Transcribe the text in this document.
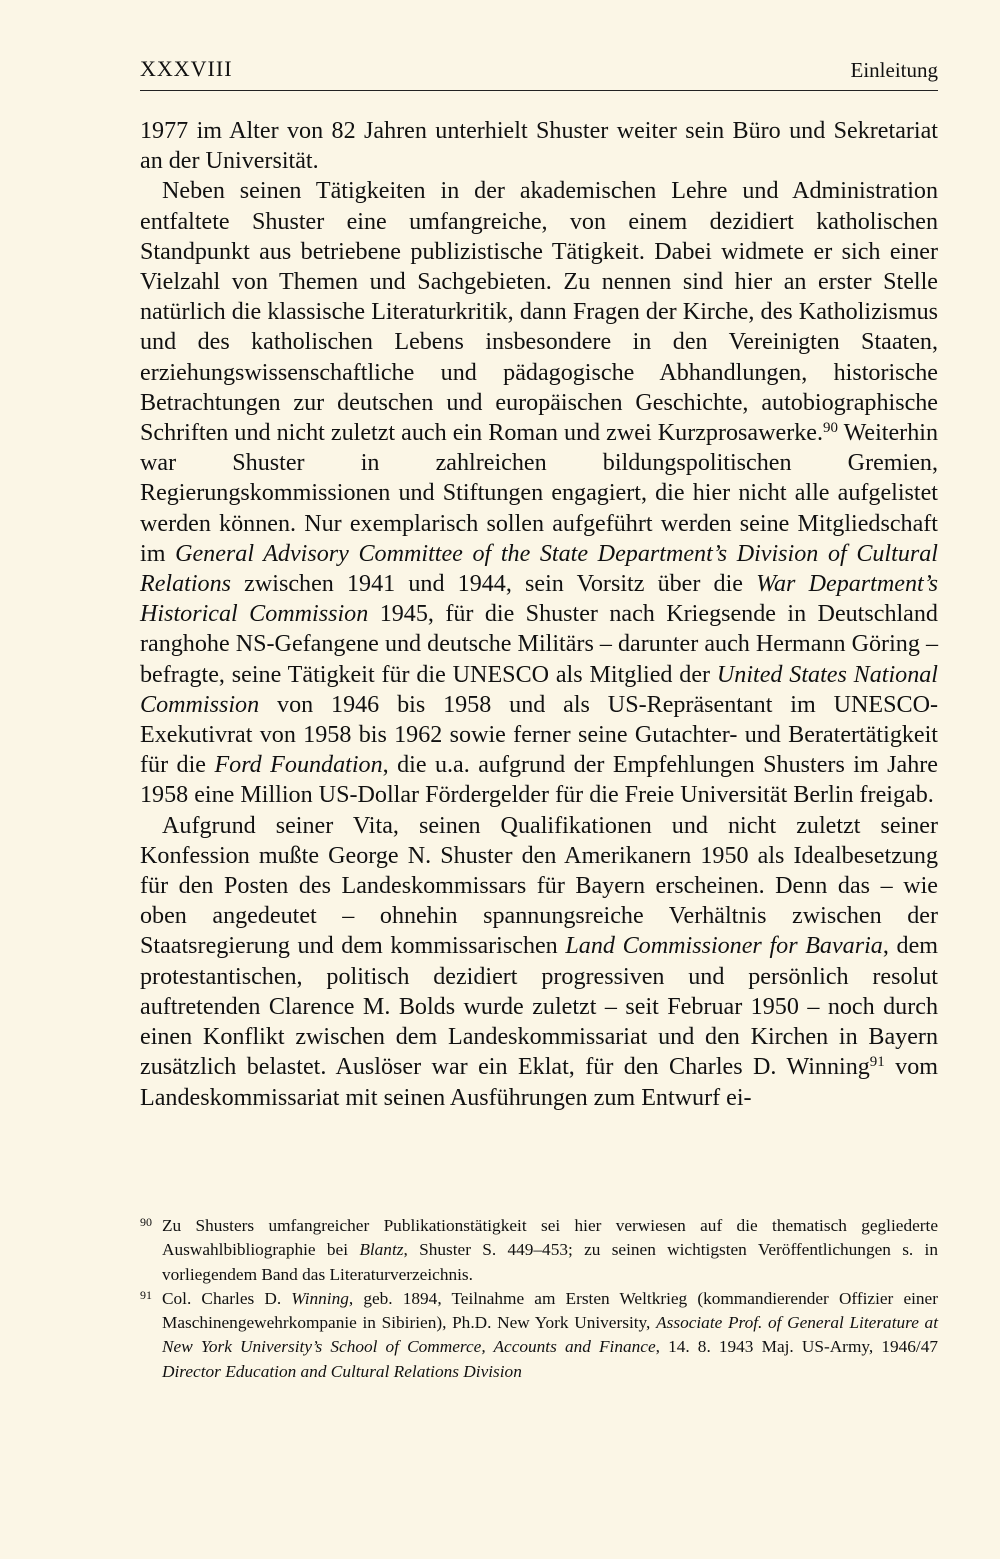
XXXVIII	Einleitung

1977 im Alter von 82 Jahren unterhielt Shuster weiter sein Büro und Sekretariat an der Universität.

Neben seinen Tätigkeiten in der akademischen Lehre und Administration entfaltete Shuster eine umfangreiche, von einem dezidiert katholischen Standpunkt aus betriebene publizistische Tätigkeit. Dabei widmete er sich einer Vielzahl von Themen und Sachgebieten. Zu nennen sind hier an erster Stelle natürlich die klassische Literaturkritik, dann Fragen der Kirche, des Katholizismus und des katholischen Lebens insbesondere in den Vereinigten Staaten, erziehungswissenschaftliche und pädagogische Abhandlungen, historische Betrachtungen zur deutschen und europäischen Geschichte, autobiographische Schriften und nicht zuletzt auch ein Roman und zwei Kurzprosawerke.$^{90}$ Weiterhin war Shuster in zahlreichen bildungspolitischen Gremien, Regierungskommissionen und Stiftungen engagiert, die hier nicht alle aufgelistet werden können. Nur exemplarisch sollen aufgeführt werden seine Mitgliedschaft im General Advisory Committee of the State Department’s Division of Cultural Relations zwischen 1941 und 1944, sein Vorsitz über die War Department’s Historical Commission 1945, für die Shuster nach Kriegsende in Deutschland ranghohe NS-Gefangene und deutsche Militärs – darunter auch Hermann Göring – befragte, seine Tätigkeit für die UNESCO als Mitglied der United States National Commission von 1946 bis 1958 und als US-Repräsentant im UNESCO-Exekutivrat von 1958 bis 1962 sowie ferner seine Gutachter- und Beratertätigkeit für die Ford Foundation, die u.a. aufgrund der Empfehlungen Shusters im Jahre 1958 eine Million US-Dollar Fördergelder für die Freie Universität Berlin freigab.

Aufgrund seiner Vita, seinen Qualifikationen und nicht zuletzt seiner Konfession mußte George N. Shuster den Amerikanern 1950 als Idealbesetzung für den Posten des Landeskommissars für Bayern erscheinen. Denn das – wie oben angedeutet – ohnehin spannungsreiche Verhältnis zwischen der Staatsregierung und dem kommissarischen Land Commissioner for Bavaria, dem protestantischen, politisch dezidiert progressiven und persönlich resolut auftretenden Clarence M. Bolds wurde zuletzt – seit Februar 1950 – noch durch einen Konflikt zwischen dem Landeskommissariat und den Kirchen in Bayern zusätzlich belastet. Auslöser war ein Eklat, für den Charles D. Winning$^{91}$ vom Landeskommissariat mit seinen Ausführungen zum Entwurf ei-

90 Zu Shusters umfangreicher Publikationstätigkeit sei hier verwiesen auf die thematisch gegliederte Auswahlbibliographie bei Blantz, Shuster S. 449–453; zu seinen wichtigsten Veröffentlichungen s. in vorliegendem Band das Literaturverzeichnis.

91 Col. Charles D. Winning, geb. 1894, Teilnahme am Ersten Weltkrieg (kommandierender Offizier einer Maschinengewehrkompanie in Sibirien), Ph.D. New York University, Associate Prof. of General Literature at New York University’s School of Commerce, Accounts and Finance, 14. 8. 1943 Maj. US-Army, 1946/47 Director Education and Cultural Relations Division
